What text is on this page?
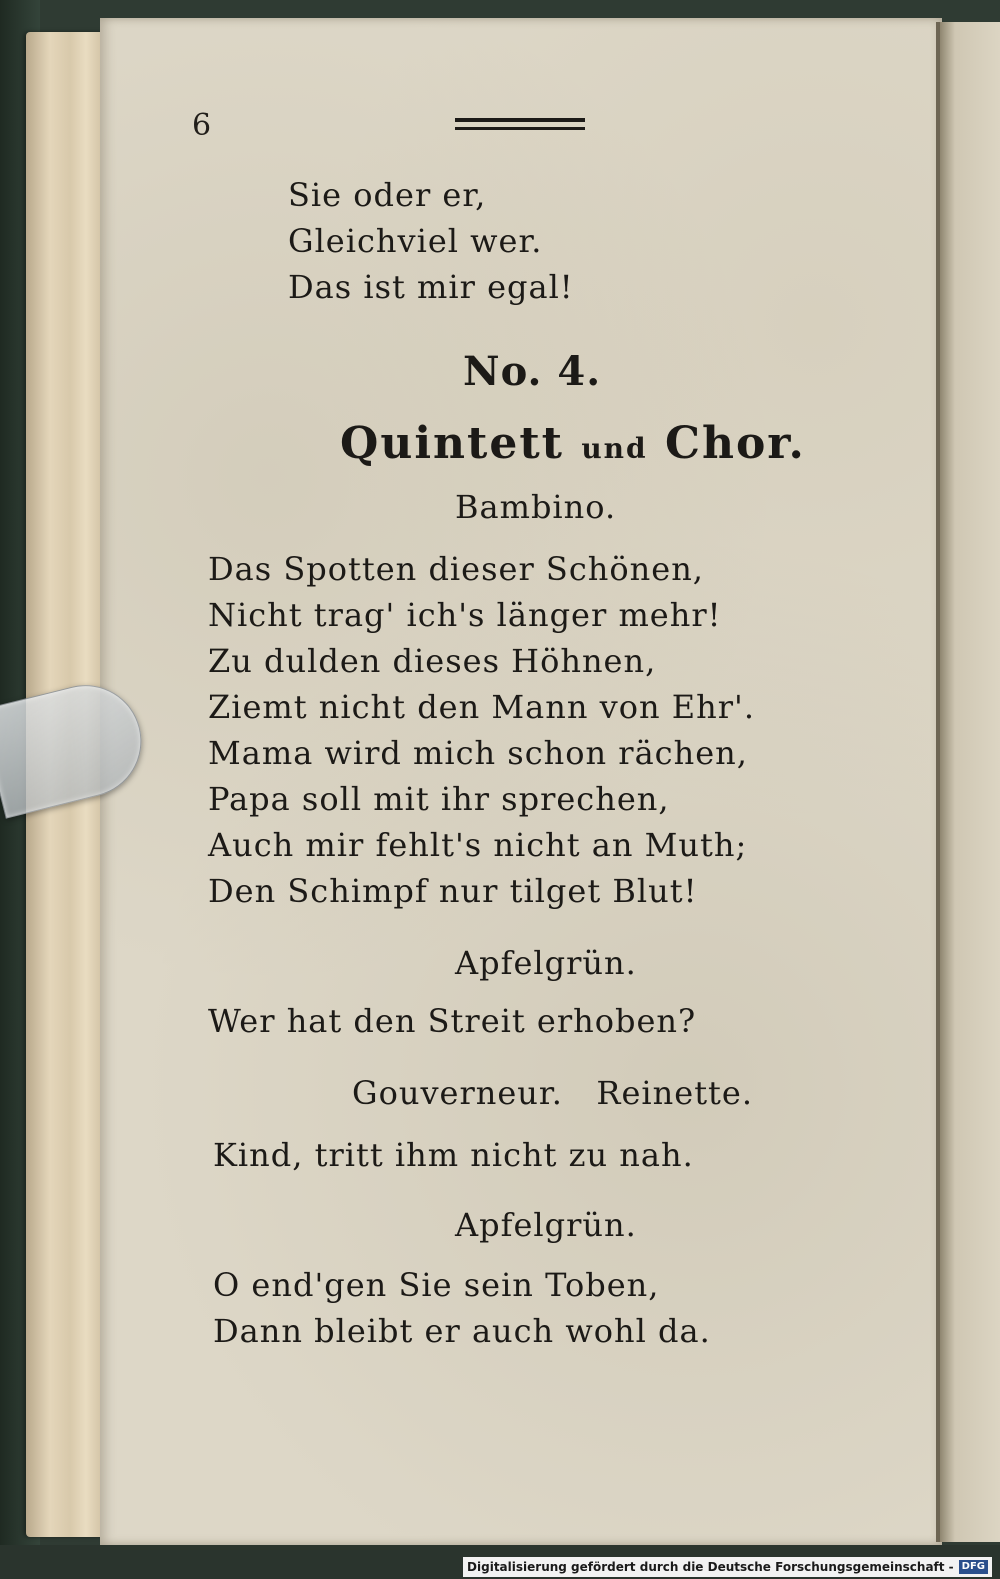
6
Sie oder er,
Gleichviel wer.
Das ist mir egal!
No. 4.
Quintett und Chor.
Bambino.
Das Spotten dieser Schönen,
Nicht trag' ich's länger mehr!
Zu dulden dieses Höhnen,
Ziemt nicht den Mann von Ehr'.
Mama wird mich schon rächen,
Papa soll mit ihr sprechen,
Auch mir fehlt's nicht an Muth;
Den Schimpf nur tilget Blut!
Apfelgrün.
Wer hat den Streit erhoben?
Gouverneur.   Reinette.
Kind, tritt ihm nicht zu nah.
Apfelgrün.
O end'gen Sie sein Toben,
Dann bleibt er auch wohl da.
Digitalisierung gefördert durch die Deutsche Forschungsgemeinschaft - DFG
